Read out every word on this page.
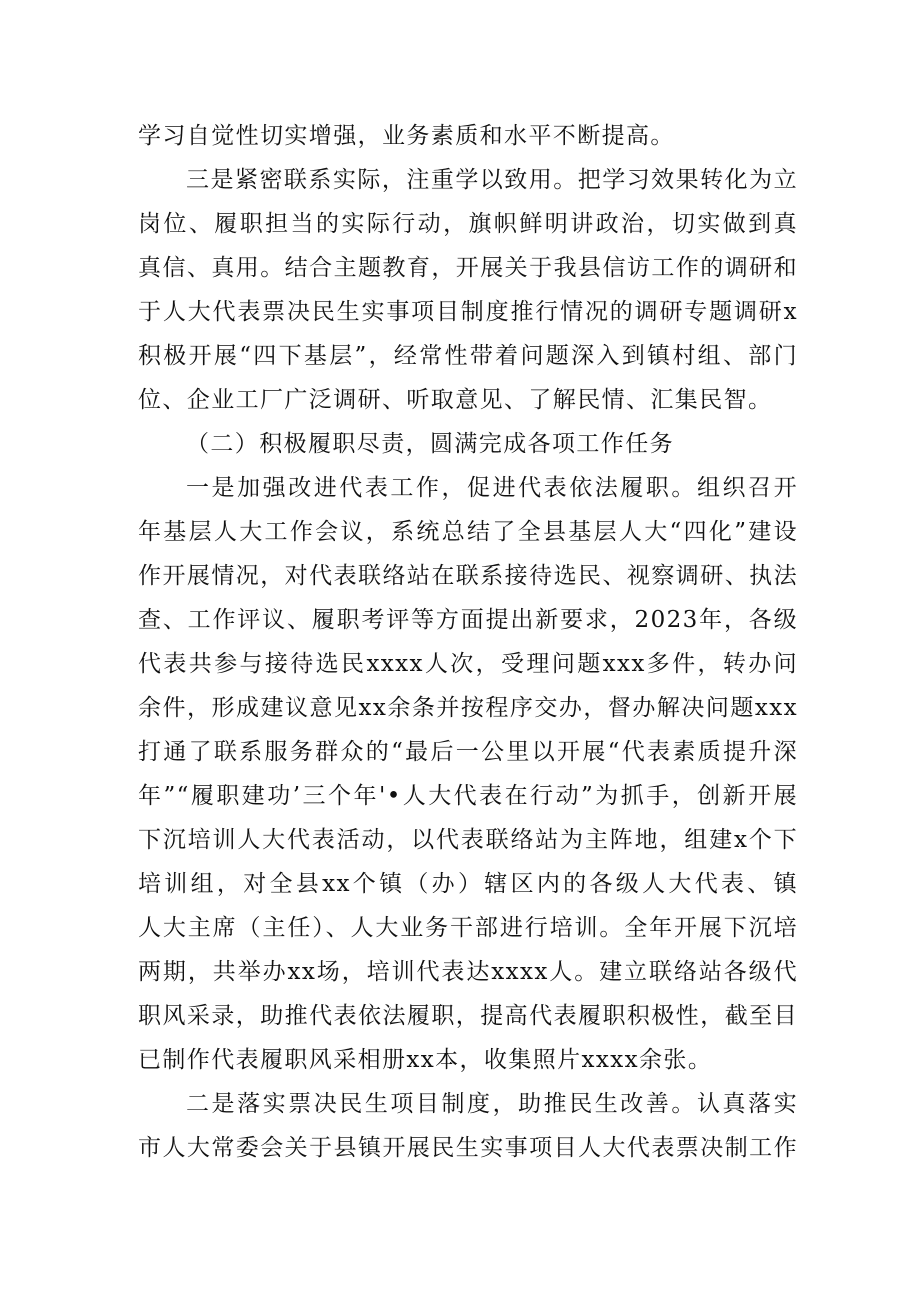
学习自觉性切实增强，业务素质和水平不断提高。
三是紧密联系实际，注重学以致用。把学习效果转化为立
岗位、履职担当的实际行动，旗帜鲜明讲政治，切实做到真
真信、真用。结合主题教育，开展关于我县信访工作的调研和
于人大代表票决民生实事项目制度推行情况的调研专题调研x
积极开展“四下基层”，经常性带着问题深入到镇村组、部门
位、企业工厂广泛调研、听取意见、了解民情、汇集民智。
（二）积极履职尽责，圆满完成各项工作任务
一是加强改进代表工作，促进代表依法履职。组织召开
年基层人大工作会议，系统总结了全县基层人大“四化”建设
作开展情况，对代表联络站在联系接待选民、视察调研、执法
查、工作评议、履职考评等方面提出新要求，2023年，各级
代表共参与接待选民xxxx人次，受理问题xxx多件，转办问
余件，形成建议意见xx余条并按程序交办，督办解决问题xxx
打通了联系服务群众的“最后一公里以开展“代表素质提升深
年”“履职建功’三个年'•人大代表在行动”为抓手，创新开展
下沉培训人大代表活动，以代表联络站为主阵地，组建x个下
培训组，对全县xx个镇（办）辖区内的各级人大代表、镇
人大主席（主任）、人大业务干部进行培训。全年开展下沉培
两期，共举办xx场，培训代表达xxxx人。建立联络站各级代
职风采录，助推代表依法履职，提高代表履职积极性，截至目
已制作代表履职风采相册xx本，收集照片xxxx余张。
二是落实票决民生项目制度，助推民生改善。认真落实
市人大常委会关于县镇开展民生实事项目人大代表票决制工作
